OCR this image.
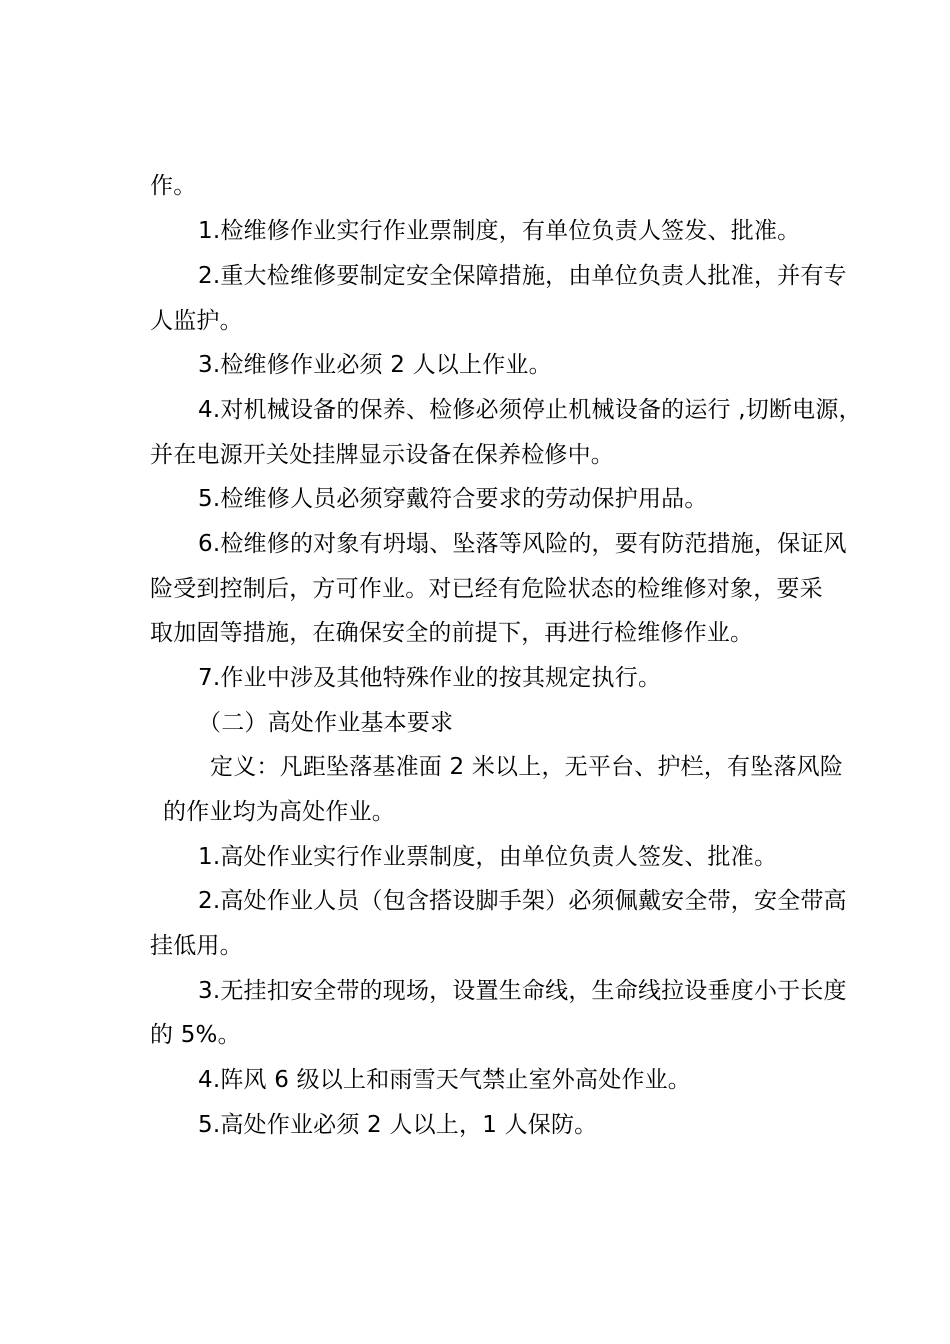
作。
1.检维修作业实行作业票制度，有单位负责人签发、批准。
2.重大检维修要制定安全保障措施，由单位负责人批准，并有专
人监护。
3.检维修作业必须 2 人以上作业。
4.对机械设备的保养、检修必须停止机械设备的运行 ,切断电源，
并在电源开关处挂牌显示设备在保养检修中。
5.检维修人员必须穿戴符合要求的劳动保护用品。
6.检维修的对象有坍塌、坠落等风险的，要有防范措施，保证风
险受到控制后，方可作业。对已经有危险状态的检维修对象，要采
取加固等措施，在确保安全的前提下，再进行检维修作业。
7.作业中涉及其他特殊作业的按其规定执行。
（二）高处作业基本要求
定义：凡距坠落基准面 2 米以上，无平台、护栏，有坠落风险
的作业均为高处作业。
1.高处作业实行作业票制度，由单位负责人签发、批准。
2.高处作业人员（包含搭设脚手架）必须佩戴安全带，安全带高
挂低用。
3.无挂扣安全带的现场，设置生命线，生命线拉设垂度小于长度
的 5%。
4.阵风 6 级以上和雨雪天气禁止室外高处作业。
5.高处作业必须 2 人以上，1 人保防。
